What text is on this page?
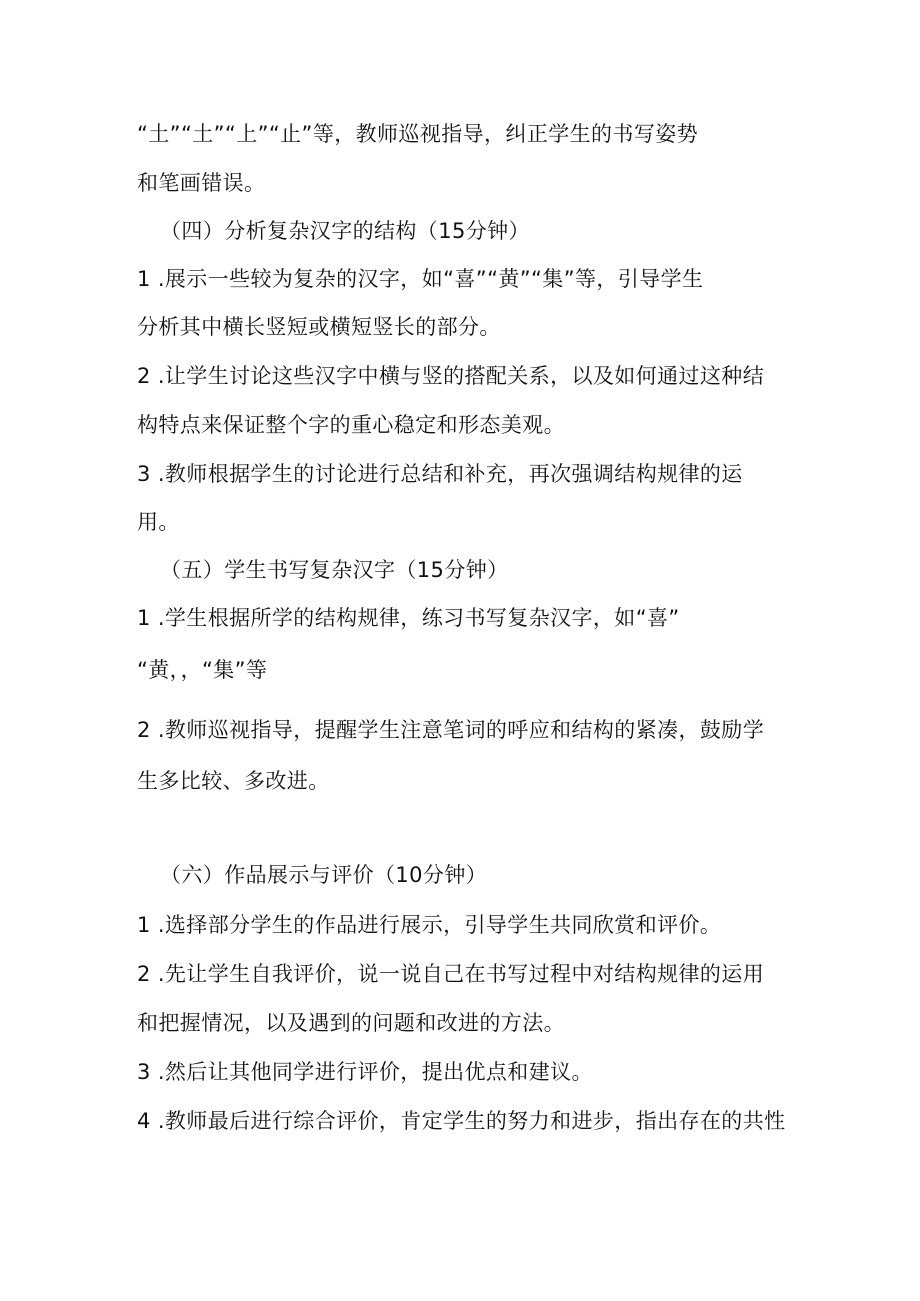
“土”“土”“上”“止”等，教师巡视指导，纠正学生的书写姿势
和笔画错误。
（四）分析复杂汉字的结构（15分钟）
1 .展示一些较为复杂的汉字，如“喜”“黄”“集”等，引导学生
分析其中横长竖短或横短竖长的部分。
2 .让学生讨论这些汉字中横与竖的搭配关系，以及如何通过这种结
构特点来保证整个字的重心稳定和形态美观。
3 .教师根据学生的讨论进行总结和补充，再次强调结构规律的运
用。
（五）学生书写复杂汉字（15分钟）
1 .学生根据所学的结构规律，练习书写复杂汉字，如“喜”
“黄，，“集”等
2 .教师巡视指导，提醒学生注意笔词的呼应和结构的紧凑，鼓励学
生多比较、多改进。
（六）作品展示与评价（10分钟）
1 .选择部分学生的作品进行展示，引导学生共同欣赏和评价。
2 .先让学生自我评价，说一说自己在书写过程中对结构规律的运用
和把握情况，以及遇到的问题和改进的方法。
3 .然后让其他同学进行评价，提出优点和建议。
4 .教师最后进行综合评价，肯定学生的努力和进步，指出存在的共性
